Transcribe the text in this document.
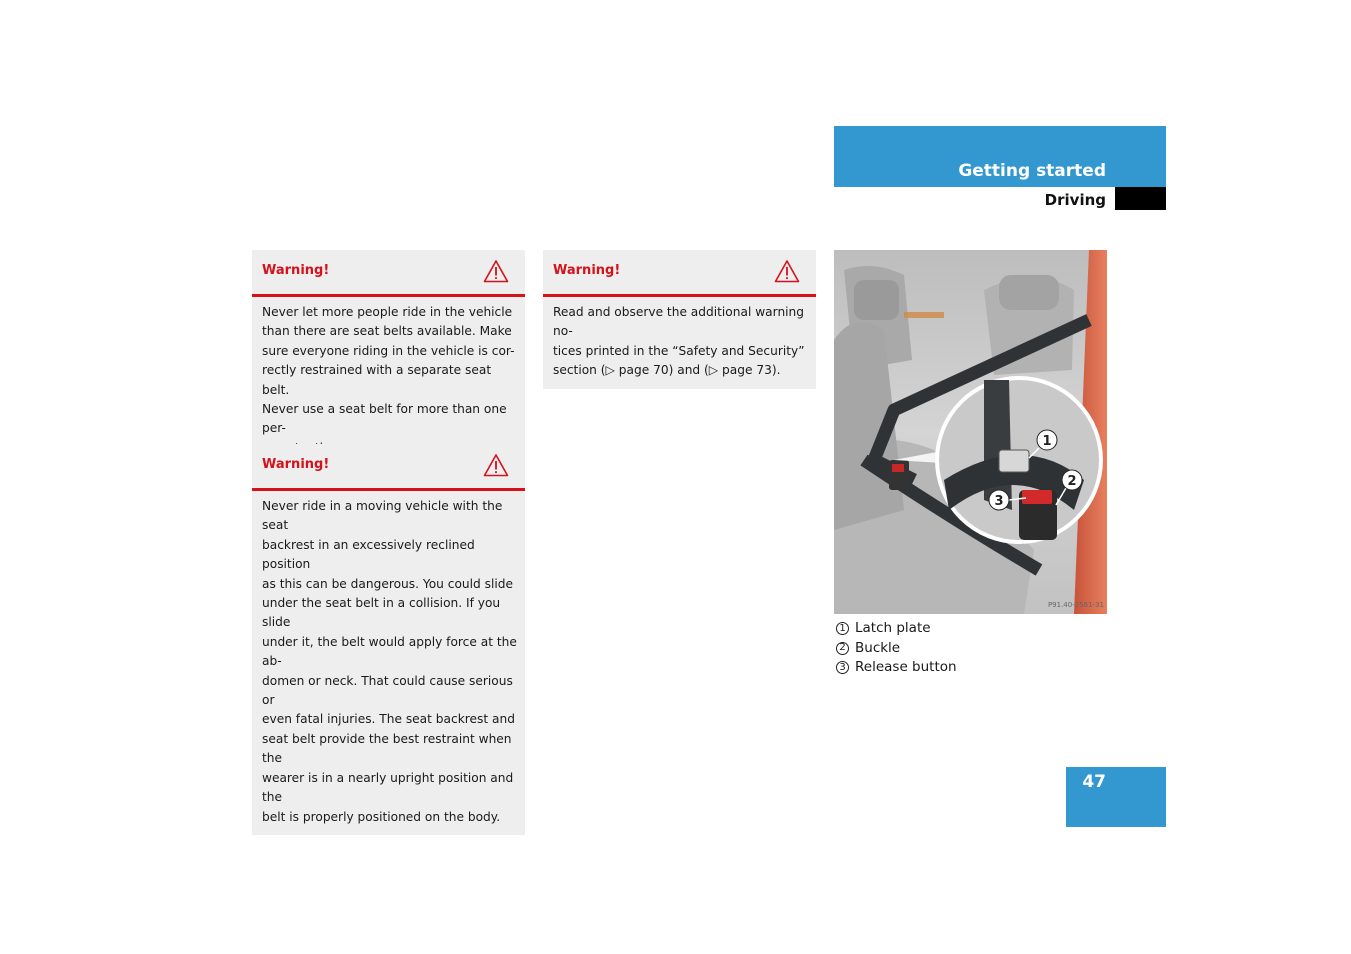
Getting started
Driving
Warning!
Never let more people ride in the vehicle
than there are seat belts available. Make
sure everyone riding in the vehicle is cor-
rectly restrained with a separate seat belt.
Never use a seat belt for more than one per-

Warning!
Never ride in a moving vehicle with the seat
backrest in an excessively reclined position
as this can be dangerous. You could slide
under the seat belt in a collision. If you slide
under it, the belt would apply force at the ab-
domen or neck. That could cause serious or
even fatal injuries. The seat backrest and
seat belt provide the best restraint when the
wearer is in a nearly upright position and the
belt is properly positioned on the body.
Warning!
Read and observe the additional warning no-
tices printed in the “Safety and Security”
section (▷ page 70) and (▷ page 73).
1
2
3
P91.40-2561-31
1 Latch plate
2 Buckle
3 Release button
47
